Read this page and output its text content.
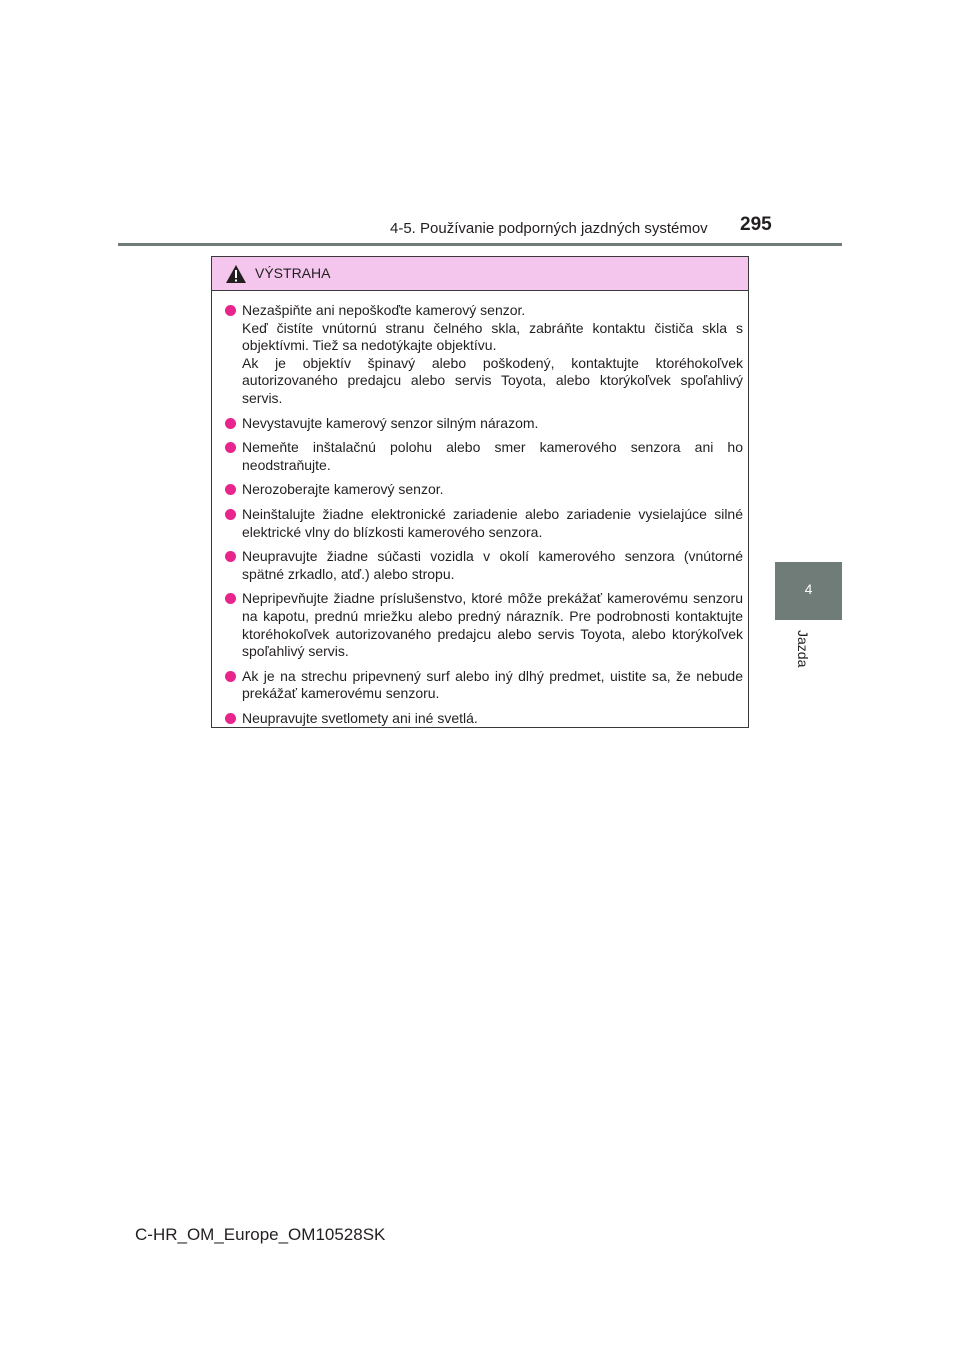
4-5. Používanie podporných jazdných systémov 295
4
Jazda
VÝSTRAHA
Nezašpiňte ani nepoškoďte kamerový senzor.
Keď čistíte vnútornú stranu čelného skla, zabráňte kontaktu čističa skla s objektívmi. Tiež sa nedotýkajte objektívu.
Ak je objektív špinavý alebo poškodený, kontaktujte ktoréhokoľvek autorizovaného predajcu alebo servis Toyota, alebo ktorýkoľvek spoľahlivý servis.
Nevystavujte kamerový senzor silným nárazom.
Nemeňte inštalačnú polohu alebo smer kamerového senzora ani ho neodstraňujte.
Nerozoberajte kamerový senzor.
Neinštalujte žiadne elektronické zariadenie alebo zariadenie vysielajúce silné elektrické vlny do blízkosti kamerového senzora.
Neupravujte žiadne súčasti vozidla v okolí kamerového senzora (vnútorné spätné zrkadlo, atď.) alebo stropu.
Nepripevňujte žiadne príslušenstvo, ktoré môže prekážať kamerovému senzoru na kapotu, prednú mriežku alebo predný nárazník. Pre podrobnosti kontaktujte ktoréhokoľvek autorizovaného predajcu alebo servis Toyota, alebo ktorýkoľvek spoľahlivý servis.
Ak je na strechu pripevnený surf alebo iný dlhý predmet, uistite sa, že nebude prekážať kamerovému senzoru.
Neupravujte svetlomety ani iné svetlá.
C-HR_OM_Europe_OM10528SK
